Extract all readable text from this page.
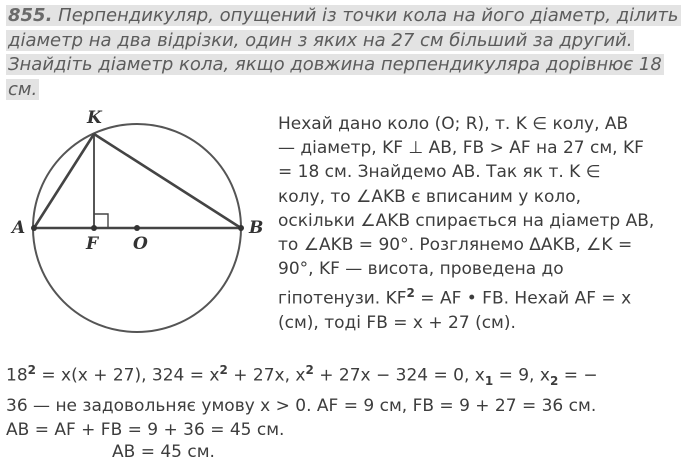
855. Перпендикуляр, опущений із точки кола на його діаметр, ділить
діаметр на два відрізки, один з яких на 27 см більший за другий.
Знайдіть діаметр кола, якщо довжина перпендикуляра дорівнює 18
см.
K
A	B
F O

Нехай дано коло (O; R), т. K ∈ колу, AB

— діаметр, KF ⊥ AB, FB > AF на 27 см, KF

= 18 см. Знайдемо AB. Так як т. K ∈

колу, то ∠AKB є вписаним у коло,

оскільки ∠AKB спирається на діаметр AB,

то ∠AKB = 90°. Розглянемо ΔAKB, ∠K =

90°, KF — висота, проведена до

гіпотенузи. $KF^2$ = AF • FB. Нехай AF = x

(см), тоді FB = x + 27 (см).

$18^2 = x(x + 27)$, $324 = x^2 + 27x$, $x^2 + 27x - 324 = 0$, $x_1 = 9$, $x_2$ = −

36 — не задовольняє умову x > 0. AF = 9 см, FB = 9 + 27 = 36 см.

AB = AF + FB = 9 + 36 = 45 см.

AB = 45 см.
